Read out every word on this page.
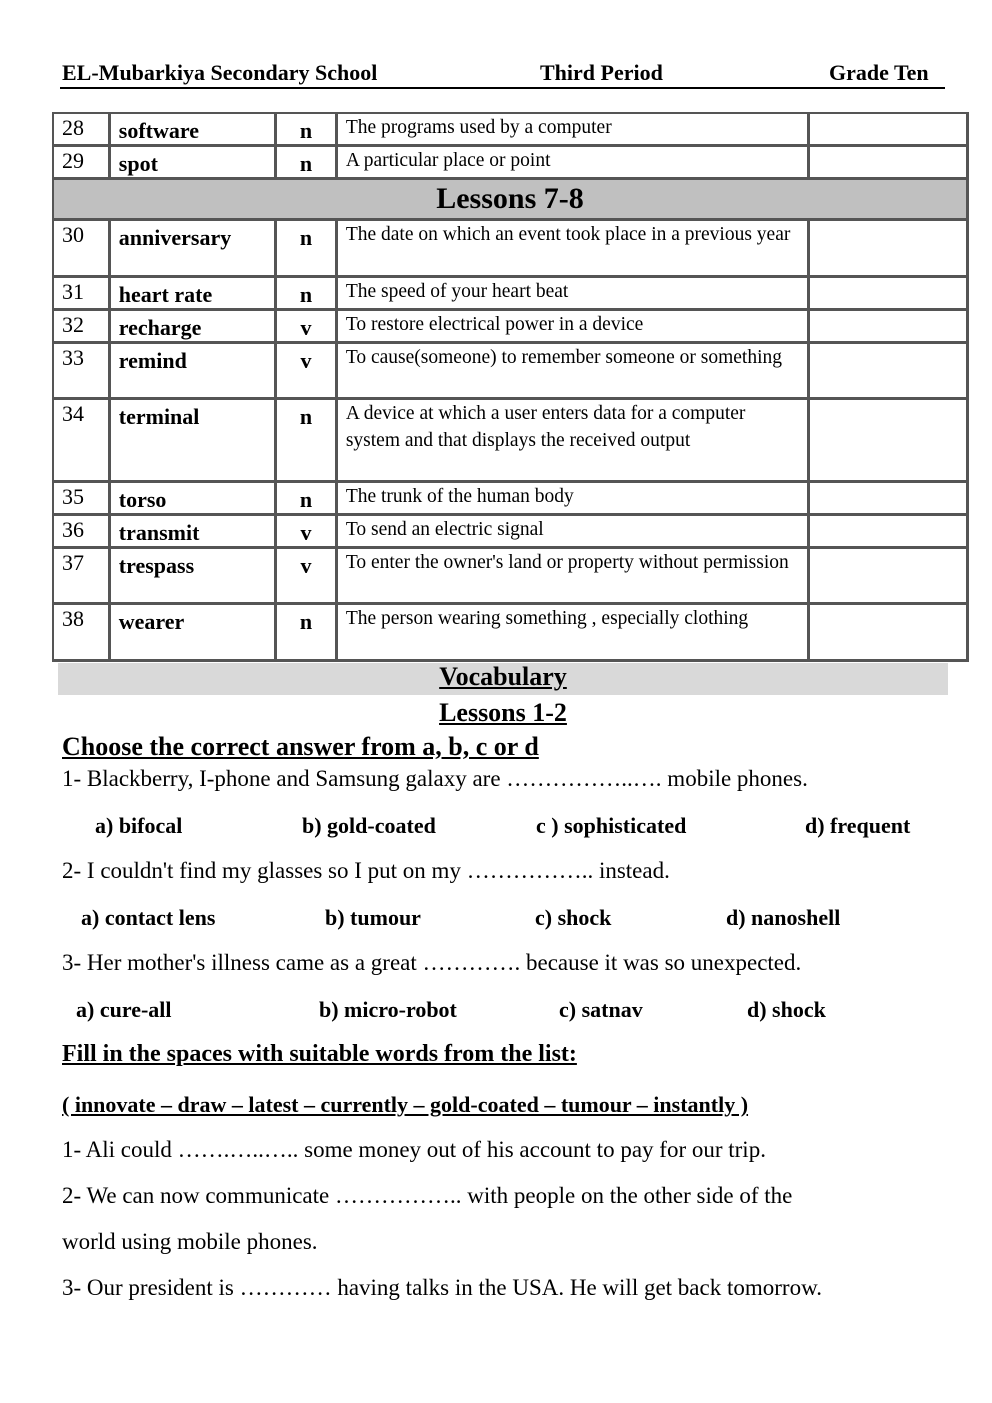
EL-Mubarkiya Secondary School	Third Period	Grade Ten
28	software	n	The programs used by a computer	
29	spot	n	A particular place or point	
Lessons 7-8				
30	anniversary	n	The date on which an event took place in a previous year	
31	heart rate	n	The speed of your heart beat	
32	recharge	v	To restore electrical power in a device	
33	remind	v	To cause(someone) to remember someone or something	
34	terminal	n	A device at which a user enters data for a computer system and that displays the received output	
35	torso	n	The trunk of the human body	
36	transmit	v	To send an electric signal	
37	trespass	v	To enter the owner's land or property without permission	
38	wearer	n	The person wearing something , especially clothing	
Vocabulary
Lessons 1-2
Choose the correct answer from a, b, c or d
1- Blackberry, I-phone and Samsung galaxy are ……………..…. mobile phones.
a) bifocal	b) gold-coated	c ) sophisticated	d) frequent
2- I couldn't find my glasses so I put on my …………….. instead.
a) contact lens	b) tumour	c) shock	d) nanoshell
3- Her mother's illness came as a great …………. because it was so unexpected.
a) cure-all	b) micro-robot	c) satnav	d) shock
Fill in the spaces with suitable words from the list:
( innovate – draw – latest – currently – gold-coated – tumour – instantly )
1- Ali could …….…..….. some money out of his account to pay for our trip.
2- We can now communicate …………….. with people on the other side of the
world using mobile phones.
3- Our president is ………… having talks in the USA. He will get back tomorrow.
